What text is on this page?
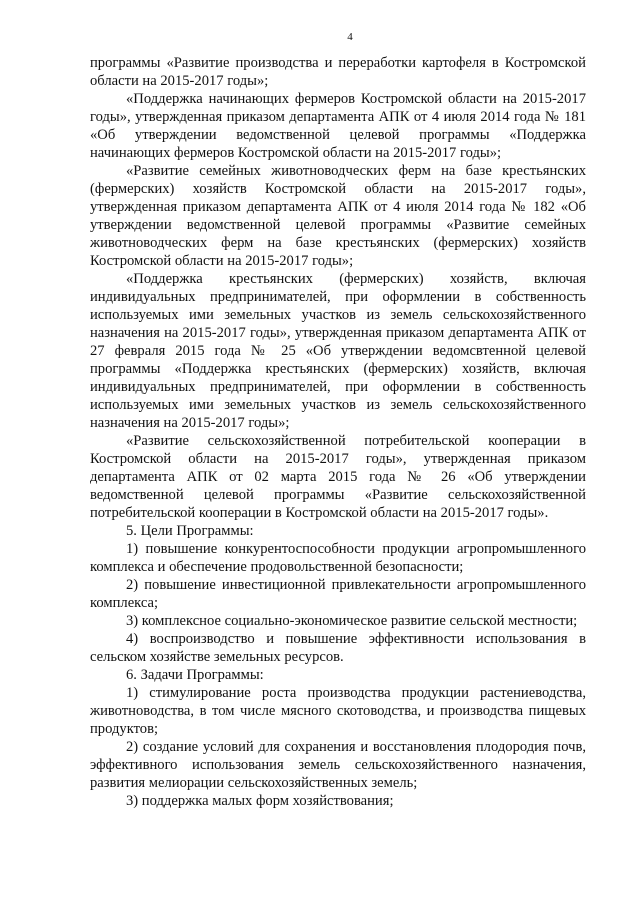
4

программы «Развитие производства и переработки картофеля в Костромской области на 2015-2017 годы»;

«Поддержка начинающих фермеров Костромской области на 2015-2017 годы», утвержденная приказом департамента АПК от 4 июля 2014 года № 181 «Об утверждении ведомственной целевой программы «Поддержка начинающих фермеров Костромской области на 2015-2017 годы»;

«Развитие семейных животноводческих ферм на базе крестьянских (фермерских) хозяйств Костромской области на 2015-2017 годы», утвержденная приказом департамента АПК от 4 июля 2014 года № 182 «Об утверждении ведомственной целевой программы «Развитие семейных животноводческих ферм на базе крестьянских (фермерских) хозяйств Костромской области на 2015-2017 годы»;

«Поддержка крестьянских (фермерских) хозяйств, включая индивидуальных предпринимателей, при оформлении в собственность используемых ими земельных участков из земель сельскохозяйственного назначения на 2015-2017 годы», утвержденная приказом департамента АПК от 27 февраля 2015 года № 25 «Об утверждении ведомсвтенной целевой программы «Поддержка крестьянских (фермерских) хозяйств, включая индивидуальных предпринимателей, при оформлении в собственность используемых ими земельных участков из земель сельскохозяйственного назначения на 2015-2017 годы»;

«Развитие сельскохозяйственной потребительской кооперации в Костромской области на 2015-2017 годы», утвержденная приказом департамента АПК от 02 марта 2015 года № 26 «Об утверждении ведомственной целевой программы «Развитие сельскохозяйственной потребительской кооперации в Костромской области на 2015-2017 годы».

5. Цели Программы:

1) повышение конкурентоспособности продукции агропромышленного комплекса и обеспечение продовольственной безопасности;

2) повышение инвестиционной привлекательности агропромышленного комплекса;

3) комплексное социально-экономическое развитие сельской местности;

4) воспроизводство и повышение эффективности использования в сельском хозяйстве земельных ресурсов.

6. Задачи Программы:

1) стимулирование роста производства продукции растениеводства, животноводства, в том числе мясного скотоводства, и производства пищевых продуктов;

2) создание условий для сохранения и восстановления плодородия почв, эффективного использования земель сельскохозяйственного назначения, развития мелиорации сельскохозяйственных земель;

3) поддержка малых форм хозяйствования;
